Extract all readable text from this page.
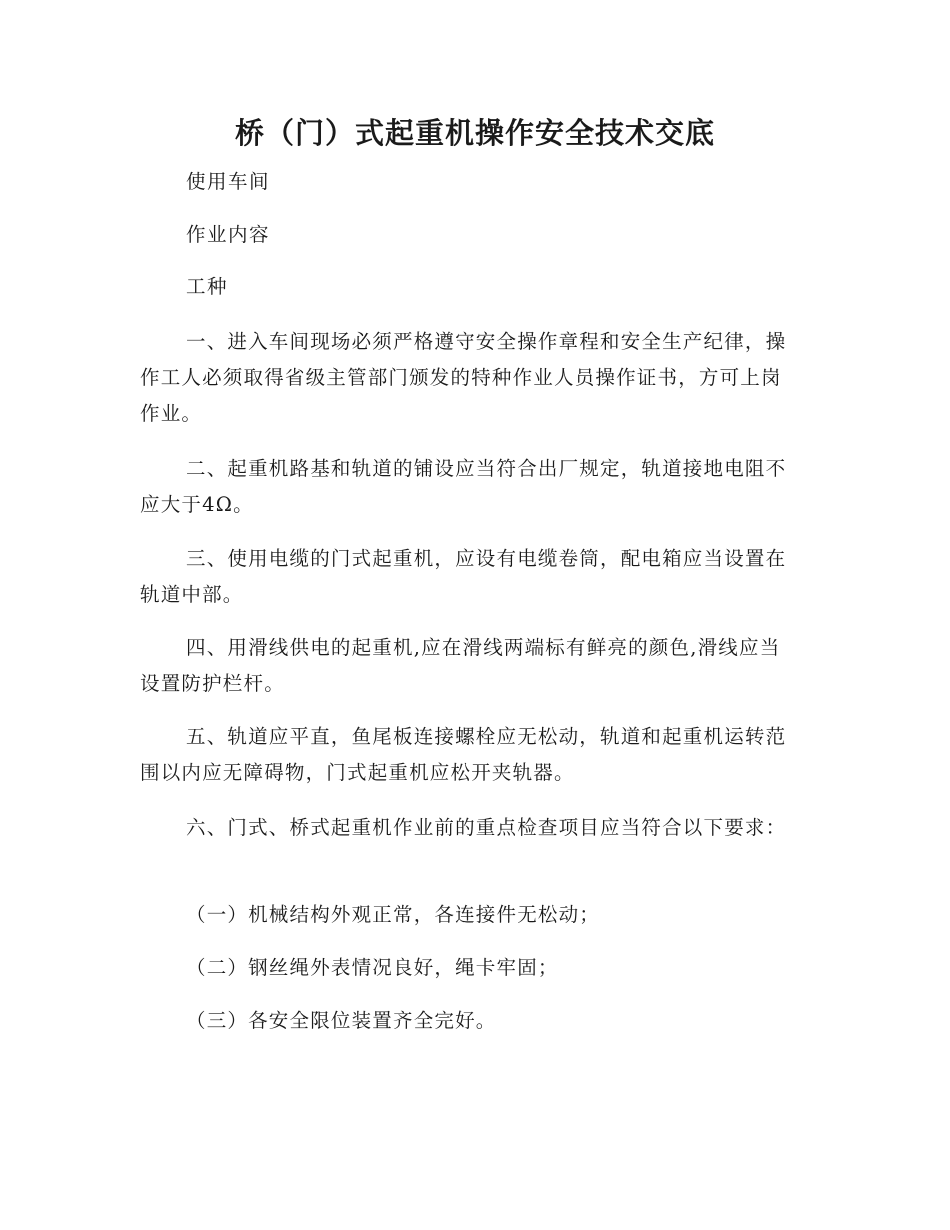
桥（门）式起重机操作安全技术交底

使用车间

作业内容

工种

一、进入车间现场必须严格遵守安全操作章程和安全生产纪律，操作工人必须取得省级主管部门颁发的特种作业人员操作证书，方可上岗作业。

二、起重机路基和轨道的铺设应当符合出厂规定，轨道接地电阻不应大于4Ω。

三、使用电缆的门式起重机，应设有电缆卷筒，配电箱应当设置在轨道中部。

四、用滑线供电的起重机,应在滑线两端标有鲜亮的颜色,滑线应当设置防护栏杆。

五、轨道应平直，鱼尾板连接螺栓应无松动，轨道和起重机运转范围以内应无障碍物，门式起重机应松开夹轨器。

六、门式、桥式起重机作业前的重点检查项目应当符合以下要求：

（一）机械结构外观正常，各连接件无松动；

（二）钢丝绳外表情况良好，绳卡牢固；

（三）各安全限位装置齐全完好。
